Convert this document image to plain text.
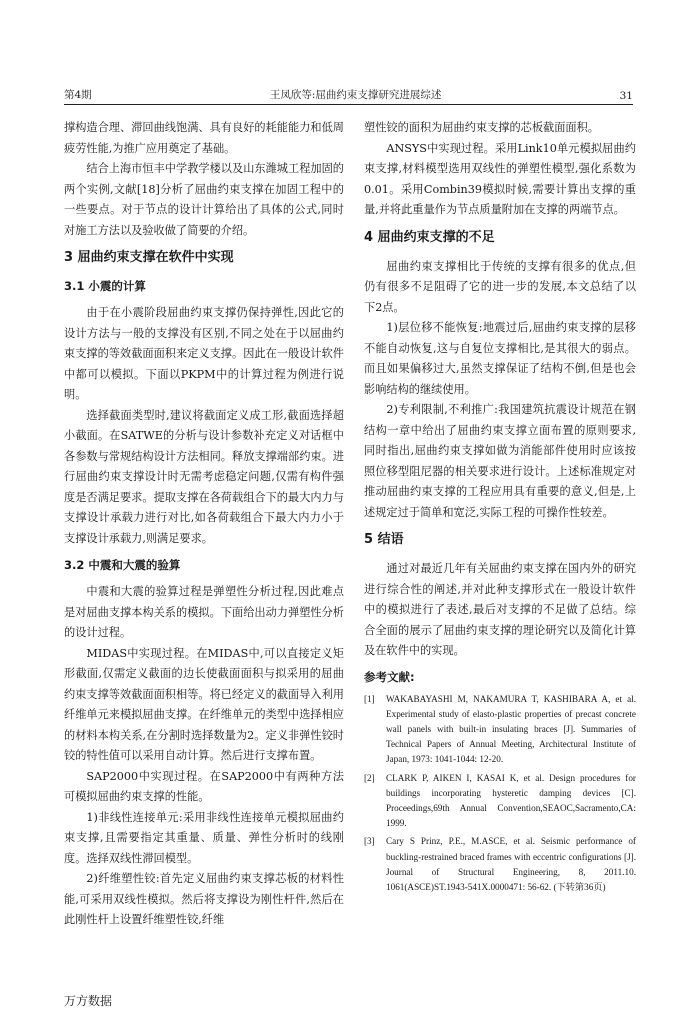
第4期	王凤欣等:屈曲约束支撑研究进展综述	31

撑构造合理、滞回曲线饱满、具有良好的耗能能力和低周疲劳性能,为推广应用奠定了基础。

结合上海市恒丰中学教学楼以及山东潍城工程加固的两个实例,文献[18]分析了屈曲约束支撑在加固工程中的一些要点。对于节点的设计计算给出了具体的公式,同时对施工方法以及验收做了简要的介绍。

3 屈曲约束支撑在软件中实现
3.1 小震的计算

由于在小震阶段屈曲约束支撑仍保持弹性,因此它的设计方法与一般的支撑没有区别,不同之处在于以屈曲约束支撑的等效截面面积来定义支撑。因此在一般设计软件中都可以模拟。下面以PKPM中的计算过程为例进行说明。

选择截面类型时,建议将截面定义成工形,截面选择超小截面。在SATWE的分析与设计参数补充定义对话框中各参数与常规结构设计方法相同。释放支撑端部约束。进行屈曲约束支撑设计时无需考虑稳定问题,仅需有构件强度是否满足要求。提取支撑在各荷载组合下的最大内力与支撑设计承载力进行对比,如各荷载组合下最大内力小于支撑设计承载力,则满足要求。

3.2 中震和大震的验算

中震和大震的验算过程是弹塑性分析过程,因此难点是对屈曲支撑本构关系的模拟。下面给出动力弹塑性分析的设计过程。

MIDAS中实现过程。在MIDAS中,可以直接定义矩形截面,仅需定义截面的边长使截面面积与拟采用的屈曲约束支撑等效截面面积相等。将已经定义的截面导入利用纤维单元来模拟屈曲支撑。在纤维单元的类型中选择相应的材料本构关系,在分割时选择数量为2。定义非弹性铰时铰的特性值可以采用自动计算。然后进行支撑布置。

SAP2000中实现过程。在SAP2000中有两种方法可模拟屈曲约束支撑的性能。

1)非线性连接单元:采用非线性连接单元模拟屈曲约束支撑,且需要指定其重量、质量、弹性分析时的线刚度。选择双线性滞回模型。

2)纤维塑性铰:首先定义屈曲约束支撑芯板的材料性能,可采用双线性模拟。然后将支撑设为刚性杆件,然后在此刚性杆上设置纤维塑性铰,纤维

塑性铰的面积为屈曲约束支撑的芯板截面面积。

ANSYS中实现过程。采用Link10单元模拟屈曲约束支撑,材料模型选用双线性的弹塑性模型,强化系数为0.01。采用Combin39模拟时候,需要计算出支撑的重量,并将此重量作为节点质量附加在支撑的两端节点。

4 屈曲约束支撑的不足

屈曲约束支撑相比于传统的支撑有很多的优点,但仍有很多不足阻碍了它的进一步的发展,本文总结了以下2点。

1)层位移不能恢复:地震过后,屈曲约束支撑的层移不能自动恢复,这与自复位支撑相比,是其很大的弱点。而且如果偏移过大,虽然支撑保证了结构不倒,但是也会影响结构的继续使用。

2)专利限制,不利推广:我国建筑抗震设计规范在钢结构一章中给出了屈曲约束支撑立面布置的原则要求,同时指出,屈曲约束支撑如做为消能部件使用时应该按照位移型阻尼器的相关要求进行设计。上述标准规定对推动屈曲约束支撑的工程应用具有重要的意义,但是,上述规定过于简单和宽泛,实际工程的可操作性较差。

5 结语

通过对最近几年有关屈曲约束支撑在国内外的研究进行综合性的阐述,并对此种支撑形式在一般设计软件中的模拟进行了表述,最后对支撑的不足做了总结。综合全面的展示了屈曲约束支撑的理论研究以及简化计算及在软件中的实现。

参考文献:
[1]	WAKABAYASHI M, NAKAMURA T, KASHIBARA A, et al. Experimental study of elasto-plastic properties of precast concrete wall panels with built-in insulating braces [J]. Summaries of Technical Papers of Annual Meeting, Architectural Institute of Japan, 1973: 1041-1044: 12-20.
[2]	CLARK P, AIKEN I, KASAI K, et al. Design procedures for buildings incorporating hysteretic damping devices [C]. Proceedings,69th Annual Convention,SEAOC,Sacramento,CA: 1999.
[3]	Cary S Prinz, P.E., M.ASCE, et al. Seismic performance of buckling-restrained braced frames with eccentric configurations [J]. Journal of Structural Engineering, 8, 2011.10. 1061(ASCE)ST.1943-541X.0000471: 56-62. (下转第36页)
万方数据
